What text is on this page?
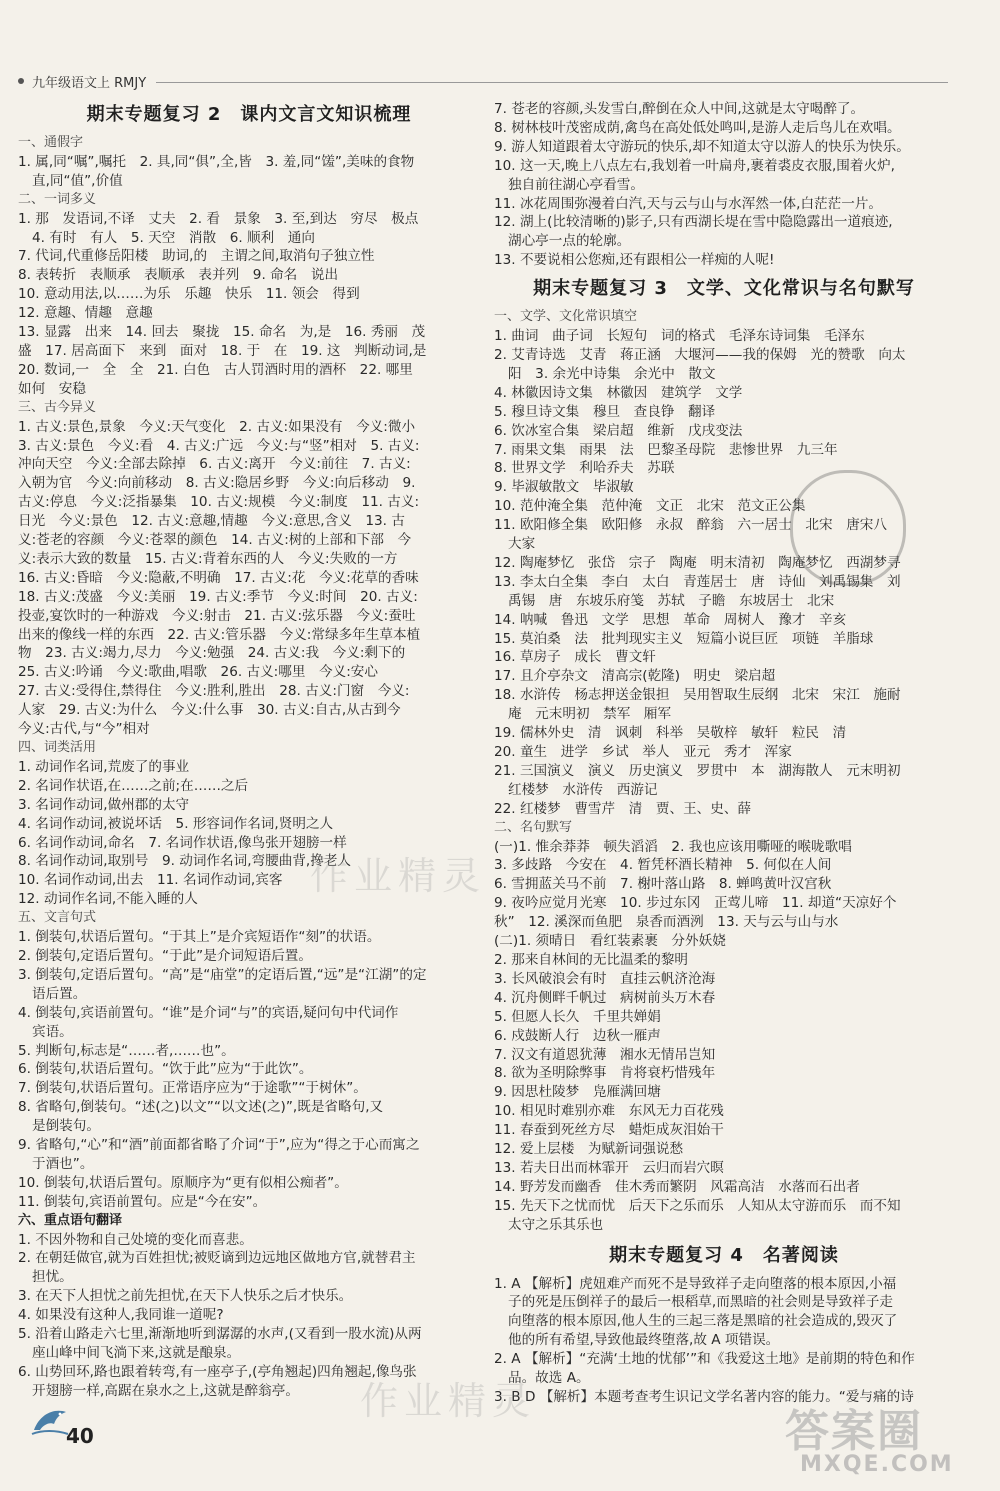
九年级语文上 RMJY
期末专题复习 2　课内文言文知识梳理
一、通假字
1. 属,同“嘱”,嘱托　2. 具,同“俱”,全,皆　3. 羞,同“馐”,美味的食物
直,同“值”,价值
二、一词多义
1. 那　发语词,不译　丈夫　2. 看　景象　3. 至,到达　穷尽　极点
4. 有时　有人　5. 天空　消散　6. 顺利　通向
7. 代词,代重修岳阳楼　助词,的　主谓之间,取消句子独立性
8. 表转折　表顺承　表顺承　表并列　9. 命名　说出
10. 意动用法,以……为乐　乐趣　快乐　11. 领会　得到
12. 意趣、情趣　意趣
13. 显露　出来　14. 回去　聚拢　15. 命名　为,是　16. 秀丽　茂
盛　17. 居高面下　来到　面对　18. 于　在　19. 这　判断动词,是
20. 数词,一　全　全　21. 白色　古人罚酒时用的酒杯　22. 哪里
如何　安稳
三、古今异义
1. 古义:景色,景象　今义:天气变化　2. 古义:如果没有　今义:微小
3. 古义:景色　今义:看　4. 古义:广远　今义:与“竖”相对　5. 古义:
冲向天空　今义:全部去除掉　6. 古义:离开　今义:前往　7. 古义:
入朝为官　今义:向前移动　8. 古义:隐居乡野　今义:向后移动　9.
古义:停息　今义:泛指暴集　10. 古义:规模　今义:制度　11. 古义:
日光　今义:景色　12. 古义:意趣,情趣　今义:意思,含义　13. 古
义:苍老的容颜　今义:苍翠的颜色　14. 古义:树的上部和下部　今
义:表示大致的数量　15. 古义:背着东西的人　今义:失败的一方
16. 古义:昏暗　今义:隐蔽,不明确　17. 古义:花　今义:花草的香味
18. 古义:茂盛　今义:美丽　19. 古义:季节　今义:时间　20. 古义:
投壶,宴饮时的一种游戏　今义:射击　21. 古义:弦乐器　今义:蚕吐
出来的像线一样的东西　22. 古义:管乐器　今义:常绿多年生草本植
物　23. 古义:竭力,尽力　今义:勉强　24. 古义:我　今义:剩下的
25. 古义:吟诵　今义:歌曲,唱歌　26. 古义:哪里　今义:安心
27. 古义:受得住,禁得住　今义:胜利,胜出　28. 古义:门窗　今义:
人家　29. 古义:为什么　今义:什么事　30. 古义:自古,从古到今
今义:古代,与“今”相对
四、词类活用
1. 动词作名词,荒废了的事业
2. 名词作状语,在……之前;在……之后
3. 名词作动词,做州郡的太守
4. 名词作动词,被说坏话　5. 形容词作名词,贤明之人
6. 名词作动词,命名　7. 名词作状语,像鸟张开翅膀一样
8. 名词作动词,取别号　9. 动词作名词,弯腰曲背,搀老人
10. 名词作动词,出去　11. 名词作动词,宾客
12. 动词作名词,不能入睡的人
五、文言句式
1. 倒装句,状语后置句。“于其上”是介宾短语作“刻”的状语。
2. 倒装句,定语后置句。“于此”是介词短语后置。
3. 倒装句,定语后置句。“高”是“庙堂”的定语后置,“远”是“江湖”的定
语后置。
4. 倒装句,宾语前置句。“谁”是介词“与”的宾语,疑问句中代词作
宾语。
5. 判断句,标志是“……者,……也”。
6. 倒装句,状语后置句。“饮于此”应为“于此饮”。
7. 倒装句,状语后置句。正常语序应为“于途歌”“于树休”。
8. 省略句,倒装句。“述(之)以文”“以文述(之)”,既是省略句,又
是倒装句。
9. 省略句,“心”和“酒”前面都省略了介词“于”,应为“得之于心而寓之
于酒也”。
10. 倒装句,状语后置句。原顺序为“更有似相公痴者”。
11. 倒装句,宾语前置句。应是“今在安”。
六、重点语句翻译
1. 不因外物和自己处境的变化而喜悲。
2. 在朝廷做官,就为百姓担忧;被贬谪到边远地区做地方官,就替君主
担忧。
3. 在天下人担忧之前先担忧,在天下人快乐之后才快乐。
4. 如果没有这种人,我同谁一道呢?
5. 沿着山路走六七里,渐渐地听到潺潺的水声,(又看到一股水流)从两
座山峰中间飞淌下来,这就是酿泉。
6. 山势回环,路也跟着转弯,有一座亭子,(亭角翘起)四角翘起,像鸟张
开翅膀一样,高踞在泉水之上,这就是醉翁亭。
7. 苍老的容颜,头发雪白,醉倒在众人中间,这就是太守喝醉了。
8. 树林枝叶茂密成荫,禽鸟在高处低处鸣叫,是游人走后鸟儿在欢唱。
9. 游人知道跟着太守游玩的快乐,却不知道太守以游人的快乐为快乐。
10. 这一天,晚上八点左右,我划着一叶扁舟,裹着裘皮衣服,围着火炉,
独自前往湖心亭看雪。
11. 冰花周围弥漫着白汽,天与云与山与水浑然一体,白茫茫一片。
12. 湖上(比较清晰的)影子,只有西湖长堤在雪中隐隐露出一道痕迹,
湖心亭一点的轮廓。
13. 不要说相公您痴,还有跟相公一样痴的人呢!
期末专题复习 3　文学、文化常识与名句默写
一、文学、文化常识填空
1. 曲词　曲子词　长短句　词的格式　毛泽东诗词集　毛泽东
2. 艾青诗选　艾青　蒋正涵　大堰河——我的保姆　光的赞歌　向太
阳　3. 余光中诗集　余光中　散文
4. 林徽因诗文集　林徽因　建筑学　文学
5. 穆旦诗文集　穆旦　查良铮　翻译
6. 饮冰室合集　梁启超　维新　戊戌变法
7. 雨果文集　雨果　法　巴黎圣母院　悲惨世界　九三年
8. 世界文学　利哈乔夫　苏联
9. 毕淑敏散文　毕淑敏
10. 范仲淹全集　范仲淹　文正　北宋　范文正公集
11. 欧阳修全集　欧阳修　永叔　醉翁　六一居士　北宋　唐宋八
大家
12. 陶庵梦忆　张岱　宗子　陶庵　明末清初　陶庵梦忆　西湖梦寻
13. 李太白全集　李白　太白　青莲居士　唐　诗仙　刘禹锡集　刘
禹锡　唐　东坡乐府笺　苏轼　子瞻　东坡居士　北宋
14. 呐喊　鲁迅　文学　思想　革命　周树人　豫才　辛亥
15. 莫泊桑　法　批判现实主义　短篇小说巨匠　项链　羊脂球
16. 草房子　成长　曹文轩
17. 且介亭杂文　清高宗(乾隆)　明史　梁启超
18. 水浒传　杨志押送金银担　吴用智取生辰纲　北宋　宋江　施耐
庵　元末明初　禁军　厢军
19. 儒林外史　清　讽刺　科举　吴敬梓　敏轩　粒民　清
20. 童生　进学　乡试　举人　亚元　秀才　浑家
21. 三国演义　演义　历史演义　罗贯中　本　湖海散人　元末明初
红楼梦　水浒传　西游记
22. 红楼梦　曹雪芹　清　贾、王、史、薛
二、名句默写
(一)1. 惟余莽莽　顿失滔滔　2. 我也应该用嘶哑的喉咙歌唱
3. 多歧路　今安在　4. 暂凭杯酒长精神　5. 何似在人间
6. 雪拥蓝关马不前　7. 榭叶落山路　8. 蝉鸣黄叶汉宫秋
9. 夜吟应觉月光寒　10. 步过东冈　正莺儿啼　11. 却道“天凉好个
秋”　12. 溪深而鱼肥　泉香而酒洌　13. 天与云与山与水
(二)1. 须晴日　看红装素裹　分外妖娆
2. 那来自林间的无比温柔的黎明
3. 长风破浪会有时　直挂云帆济沧海
4. 沉舟侧畔千帆过　病树前头万木春
5. 但愿人长久　千里共婵娟
6. 戍鼓断人行　边秋一雁声
7. 汉文有道恩犹薄　湘水无情吊岂知
8. 欲为圣明除弊事　肯将衰朽惜残年
9. 因思杜陵梦　凫雁满回塘
10. 相见时难别亦难　东风无力百花残
11. 春蚕到死丝方尽　蜡炬成灰泪始干
12. 爱上层楼　为赋新词强说愁
13. 若夫日出而林霏开　云归而岩穴暝
14. 野芳发而幽香　佳木秀而繁阴　风霜高洁　水落而石出者
15. 先天下之忧而忧　后天下之乐而乐　人知从太守游而乐　而不知
太守之乐其乐也
期末专题复习 4　名著阅读
1. A 【解析】虎妞难产而死不是导致祥子走向堕落的根本原因,小福
子的死是压倒祥子的最后一根稻草,而黑暗的社会则是导致祥子走
向堕落的根本原因,他人生的三起三落是黑暗的社会造成的,毁灭了
他的所有希望,导致他最终堕落,故 A 项错误。
2. A 【解析】“充满‘土地的忧郁’”和《我爱这土地》是前期的特色和作
品。故选 A。
3. B D 【解析】本题考查考生识记文学名著内容的能力。“爱与痛的诗
作业精灵
作业精灵
答案圈
MXQE.COM
40
